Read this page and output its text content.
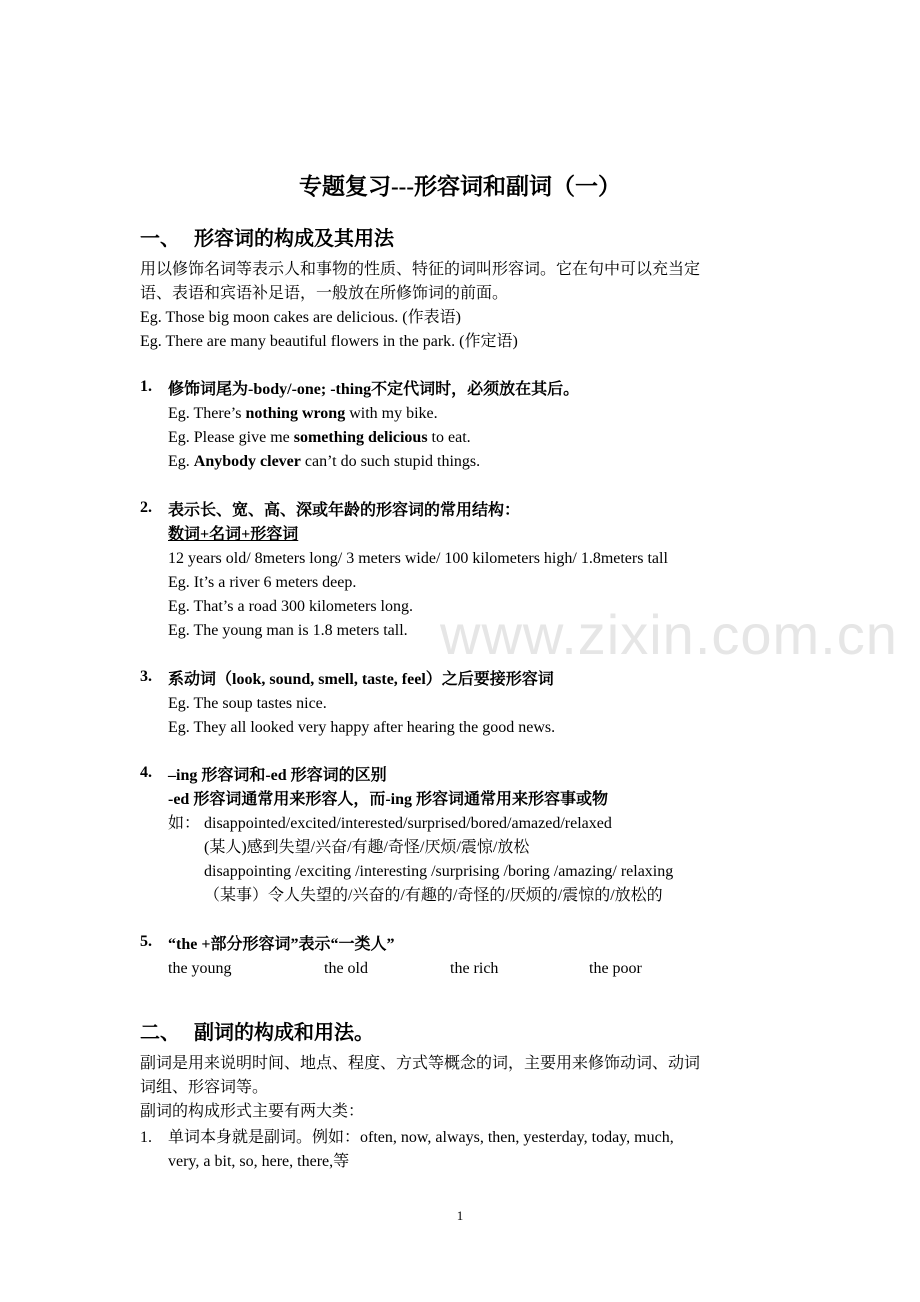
www.zixin.com.cn
专题复习---形容词和副词（一）
一、 形容词的构成及其用法
用以修饰名词等表示人和事物的性质、特征的词叫形容词。它在句中可以充当定
语、表语和宾语补足语，一般放在所修饰词的前面。
Eg. Those big moon cakes are delicious. (作表语)
Eg. There are many beautiful flowers in the park. (作定语)
1. 修饰词尾为-body/-one; -thing不定代词时，必须放在其后。
Eg. There’s nothing wrong with my bike.
Eg. Please give me something delicious to eat.
Eg. Anybody clever can’t do such stupid things.
2. 表示长、宽、高、深或年龄的形容词的常用结构：
数词+名词+形容词
12 years old/ 8meters long/ 3 meters wide/ 100 kilometers high/ 1.8meters tall
Eg. It’s a river 6 meters deep.
Eg. That’s a road 300 kilometers long.
Eg. The young man is 1.8 meters tall.
3. 系动词（look, sound, smell, taste, feel）之后要接形容词
Eg. The soup tastes nice.
Eg. They all looked very happy after hearing the good news.
4. –ing 形容词和-ed 形容词的区别
-ed 形容词通常用来形容人，而-ing 形容词通常用来形容事或物
如： disappointed/excited/interested/surprised/bored/amazed/relaxed
(某人)感到失望/兴奋/有趣/奇怪/厌烦/震惊/放松
disappointing /exciting /interesting /surprising /boring /amazing/ relaxing
（某事）令人失望的/兴奋的/有趣的/奇怪的/厌烦的/震惊的/放松的
5. “the +部分形容词”表示“一类人”
the young	the old	the rich	the poor
二、 副词的构成和用法。
副词是用来说明时间、地点、程度、方式等概念的词，主要用来修饰动词、动词
词组、形容词等。
副词的构成形式主要有两大类：
1. 单词本身就是副词。例如：often, now, always, then, yesterday, today, much,
very, a bit, so, here, there,等
1
